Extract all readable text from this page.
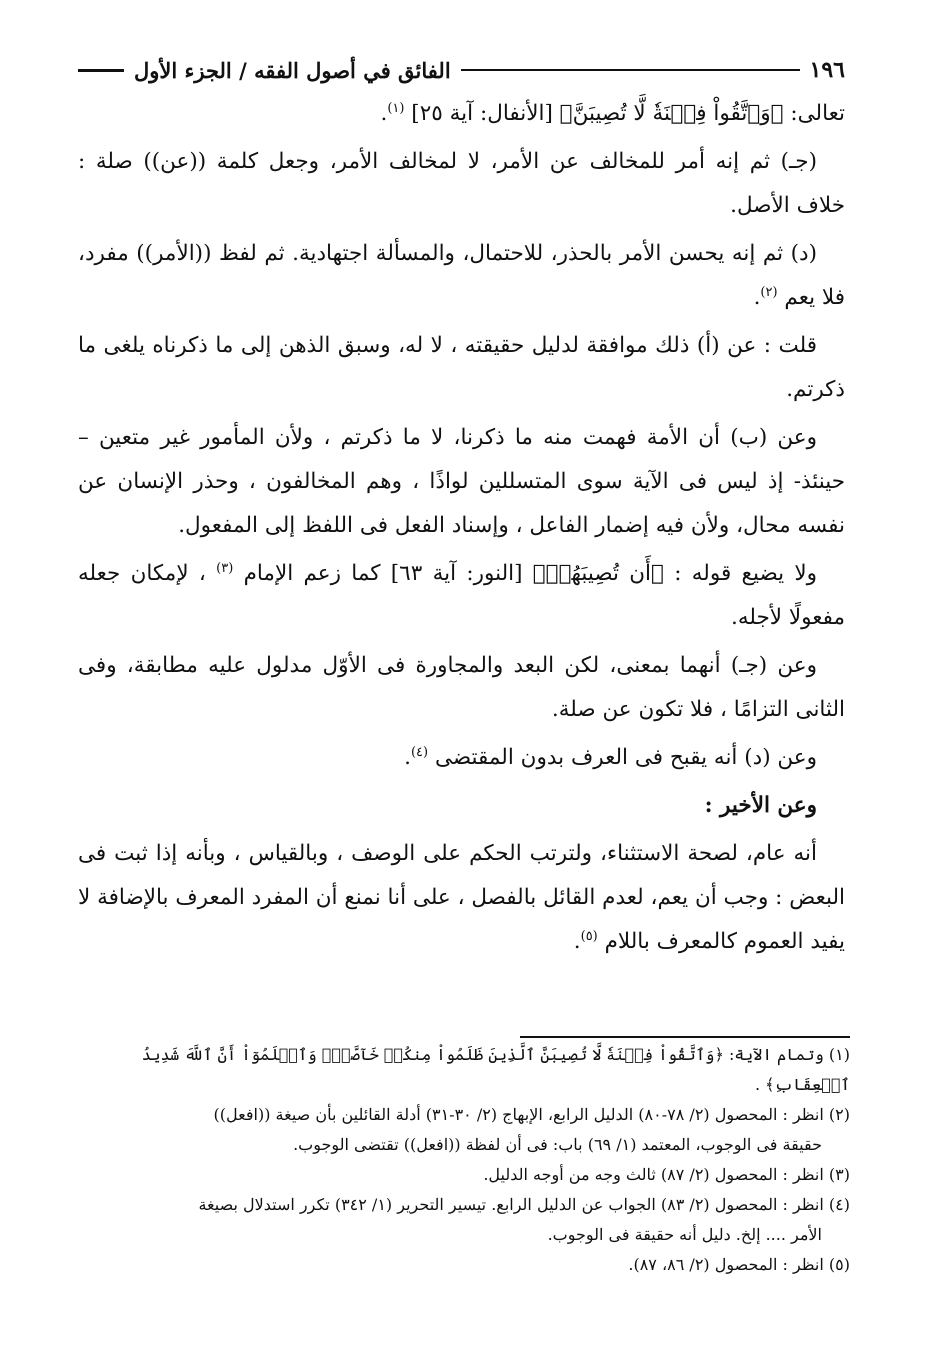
١٩٦
الفائق في أصول الفقه / الجزء الأول

تعالى: ﴿وَٱتَّقُواْ فِتۡنَةٗ لَّا تُصِيبَنَّ﴾ [الأنفال: آية ٢٥] $^{(١)}$.

(جـ) ثم إنه أمر للمخالف عن الأمر، لا لمخالف الأمر، وجعل كلمة ((عن)) صلة : خلاف الأصل.

(د) ثم إنه يحسن الأمر بالحذر، للاحتمال، والمسألة اجتهادية. ثم لفظ ((الأمر)) مفرد، فلا يعم $^{(٢)}$.

قلت : عن (أ) ذلك موافقة لدليل حقيقته ، لا له، وسبق الذهن إلى ما ذكرناه يلغى ما ذكرتم.

وعن (ب) أن الأمة فهمت منه ما ذكرنا، لا ما ذكرتم ، ولأن المأمور غير متعين – حينئذ- إذ ليس فى الآية سوى المتسللين لواذًا ، وهم المخالفون ، وحذر الإنسان عن نفسه محال، ولأن فيه إضمار الفاعل ، وإسناد الفعل فى اللفظ إلى المفعول.

ولا يضيع قوله : ﴿أَن تُصِيبَهُمۡ﴾ [النور: آية ٦٣] كما زعم الإمام $^{(٣)}$ ، لإمكان جعله مفعولًا لأجله.

وعن (جـ) أنهما بمعنى، لكن البعد والمجاورة فى الأوّل مدلول عليه مطابقة، وفى الثانى التزامًا ، فلا تكون عن صلة.

وعن (د) أنه يقبح فى العرف بدون المقتضى $^{(٤)}$.

وعن الأخير :

أنه عام، لصحة الاستثناء، ولترتب الحكم على الوصف ، وبالقياس ، وبأنه إذا ثبت فى البعض : وجب أن يعم، لعدم القائل بالفصل ، على أنا نمنع أن المفرد المعرف بالإضافة لا يفيد العموم كالمعرف باللام $^{(٥)}$.

(١) وتمام الآية: ﴿وَٱتَّقُواْ فِتۡنَةٗ لَّا تُصِيبَنَّ ٱلَّذِينَ ظَلَمُواْ مِنكُمۡ خَآصَّةٗۖ وَٱعۡلَمُوٓاْ أَنَّ ٱللَّهَ شَدِيدُ ٱلۡعِقَابِ﴾ .

(٢) انظر : المحصول (٢/ ٧٨-٨٠) الدليل الرابع، الإبهاج (٢/ ٣٠-٣١) أدلة القائلين بأن صيغة ((افعل))

حقيقة فى الوجوب، المعتمد (١/ ٦٩) باب: فى أن لفظة ((افعل)) تقتضى الوجوب.

(٣) انظر : المحصول (٢/ ٨٧) ثالث وجه من أوجه الدليل.

(٤) انظر : المحصول (٢/ ٨٣) الجواب عن الدليل الرابع. تيسير التحرير (١/ ٣٤٢) تكرر استدلال بصيغة

الأمر .... إلخ. دليل أنه حقيقة فى الوجوب.

(٥) انظر : المحصول (٢/ ٨٦، ٨٧).
